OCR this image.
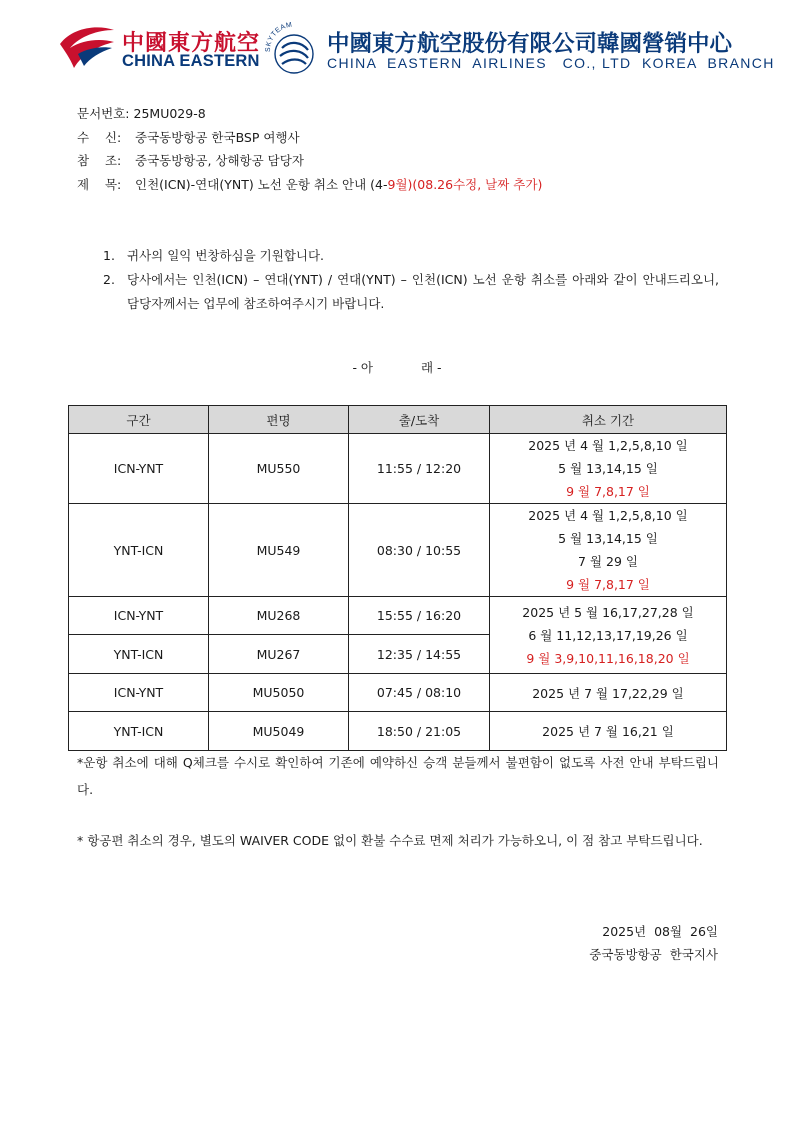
中國東方航空
CHINA EASTERN
SKYTEAM
中國東方航空股份有限公司韓國營销中心
CHINA  EASTERN  AIRLINES   CO., LTD  KOREA  BRANCH
문서번호: 25MU029-8
수    신: 중국동방항공 한국BSP 여행사
참    조: 중국동방항공, 상해항공 담당자
제    목: 인천(ICN)-연대(YNT) 노선 운항 취소 안내 (4-9월)(08.26수정, 날짜 추가)
1. 귀사의 일익 번창하심을 기원합니다.
2. 당사에서는 인천(ICN) – 연대(YNT) / 연대(YNT) – 인천(ICN) 노선 운항 취소를 아래와 같이 안내드리오니, 담당자께서는 업무에 참조하여주시기 바랍니다.
- 아	래 -
구간	편명	출/도착	취소 기간
ICN-YNT	MU550	11:55 / 12:20	2025 년 4 월 1,2,5,8,10 일
5 월 13,14,15 일
9 월 7,8,17 일

YNT-ICN	MU549	08:30 / 10:55	2025 년 4 월 1,2,5,8,10 일
5 월 13,14,15 일
7 월 29 일
9 월 7,8,17 일

ICN-YNT	MU268	15:55 / 16:20	2025 년 5 월 16,17,27,28 일
6 월 11,12,13,17,19,26 일
9 월 3,9,10,11,16,18,20 일

YNT-ICN	MU267	12:35 / 14:55	
ICN-YNT	MU5050	07:45 / 08:10	2025 년 7 월 17,22,29 일
YNT-ICN	MU5049	18:50 / 21:05	2025 년 7 월 16,21 일
*운항 취소에 대해 Q체크를 수시로 확인하여 기존에 예약하신 승객 분들께서 불편함이 없도록 사전 안내 부탁드립니다.
* 항공편 취소의 경우, 별도의 WAIVER CODE 없이 환불 수수료 면제 처리가 가능하오니, 이 점 참고 부탁드립니다.
2025년  08월  26일
중국동방항공  한국지사
